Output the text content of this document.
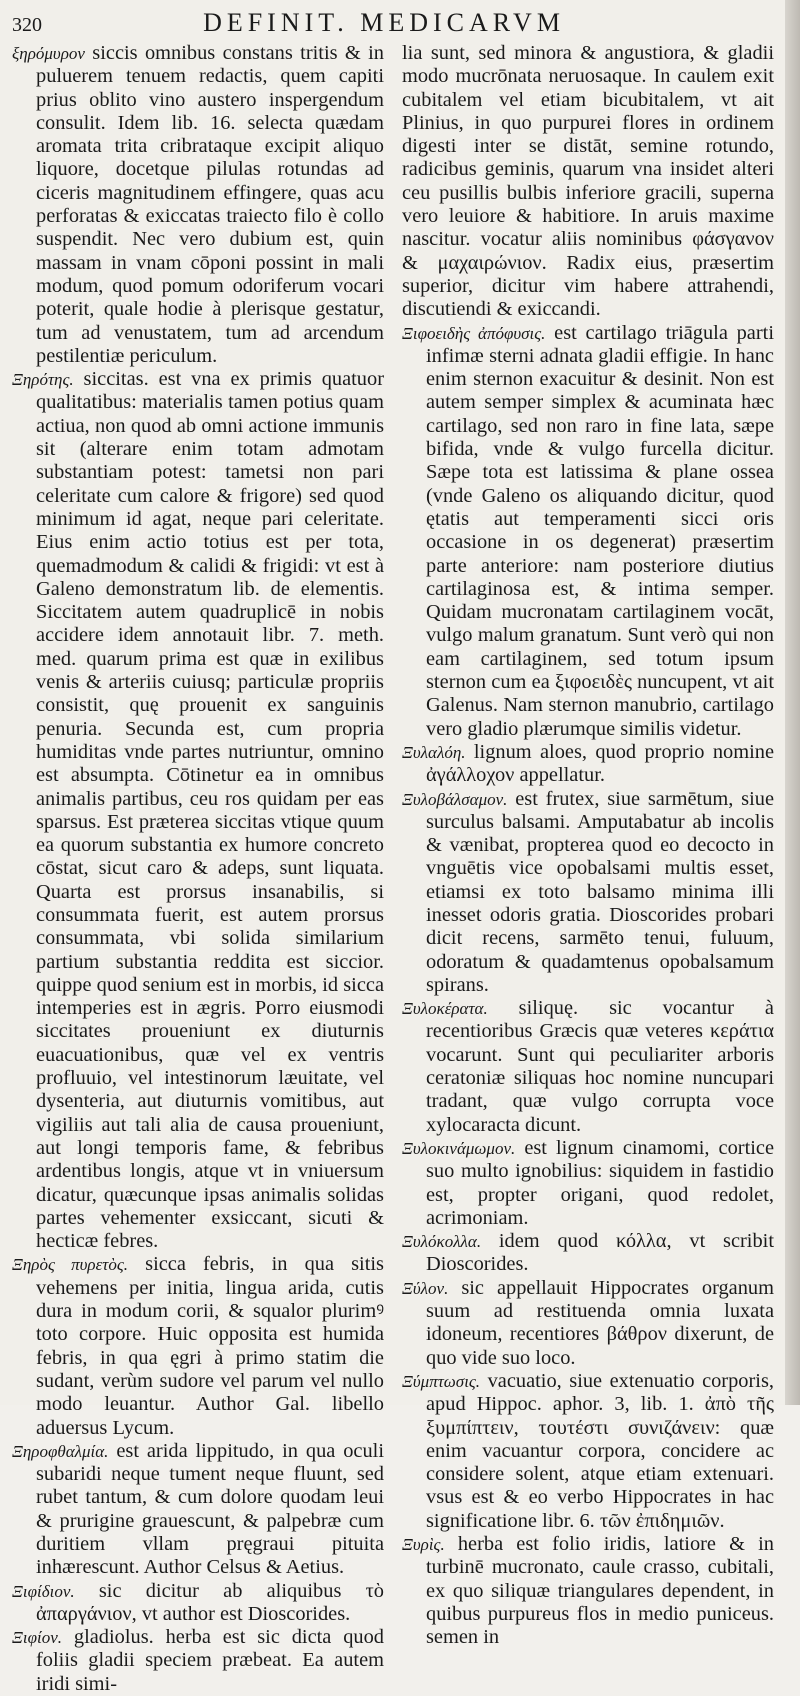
320	DEFINIT. MEDICARVM

ξηρόμυρον siccis omnibus constans tritis & in puluerem tenuem redactis, quem capiti prius oblito vino austero inspergendum consulit. Idem lib. 16. selecta quædam aromata trita cribrataque excipit aliquo liquore, docetque pilulas rotundas ad ciceris magnitudinem effingere, quas acu perforatas & exiccatas traiecto filo è collo suspendit. Nec vero dubium est, quin massam in vnam cōponi possint in mali modum, quod pomum odoriferum vocari poterit, quale hodie à plerisque gestatur, tum ad venustatem, tum ad arcendum pestilentiæ periculum.

Ξηρότης. siccitas. est vna ex primis quatuor qualitatibus: materialis tamen potius quam actiua, non quod ab omni actione immunis sit (alterare enim totam admotam substantiam potest: tametsi non pari celeritate cum calore & frigore) sed quod minimum id agat, neque pari celeritate. Eius enim actio totius est per tota, quemadmodum & calidi & frigidi: vt est à Galeno demonstratum lib. de elementis. Siccitatem autem quadruplicē in nobis accidere idem annotauit libr. 7. meth. med. quarum prima est quæ in exilibus venis & arteriis cuiusq; particulæ propriis consistit, quę prouenit ex sanguinis penuria. Secunda est, cum propria humiditas vnde partes nutriuntur, omnino est absumpta. Cōtinetur ea in omnibus animalis partibus, ceu ros quidam per eas sparsus. Est præterea siccitas vtique quum ea quorum substantia ex humore concreto cōstat, sicut caro & adeps, sunt liquata. Quarta est prorsus insanabilis, si consummata fuerit, est autem prorsus consummata, vbi solida similarium partium substantia reddita est siccior. quippe quod senium est in morbis, id sicca intemperies est in ægris. Porro eiusmodi siccitates proueniunt ex diuturnis euacuationibus, quæ vel ex ventris profluuio, vel intestinorum læuitate, vel dysenteria, aut diuturnis vomitibus, aut vigiliis aut tali alia de causa proueniunt, aut longi temporis fame, & febribus ardentibus longis, atque vt in vniuersum dicatur, quæcunque ipsas animalis solidas partes vehementer exsiccant, sicuti & hecticæ febres.

Ξηρὸς πυρετὸς. sicca febris, in qua sitis vehemens per initia, lingua arida, cutis dura in modum corii, & squalor plurimꝰ toto corpore. Huic opposita est humida febris, in qua ęgri à primo statim die sudant, verùm sudore vel parum vel nullo modo leuantur. Author Gal. libello aduersus Lycum.

Ξηροφθαλμία. est arida lippitudo, in qua oculi subaridi neque tument neque fluunt, sed rubet tantum, & cum dolore quodam leui & prurigine grauescunt, & palpebræ cum duritiem vllam pręgraui pituita inhærescunt. Author Celsus & Aetius.

Ξιφίδιον. sic dicitur ab aliquibus τὸ ἀπαργάνιον, vt author est Dioscorides.

Ξιφίον. gladiolus. herba est sic dicta quod foliis gladii speciem præbeat. Ea autem iridi simi-

lia sunt, sed minora & angustiora, & gladii modo mucrōnata neruosaque. In caulem exit cubitalem vel etiam bicubitalem, vt ait Plinius, in quo purpurei flores in ordinem digesti inter se distāt, semine rotundo, radicibus geminis, quarum vna insidet alteri ceu pusillis bulbis inferiore gracili, superna vero leuiore & habitiore. In aruis maxime nascitur. vocatur aliis nominibus φάσγανον & μαχαιρώνιον. Radix eius, præsertim superior, dicitur vim habere attrahendi, discutiendi & exiccandi.

Ξιφοειδὴς ἀπόφυσις. est cartilago triāgula parti infimæ sterni adnata gladii effigie. In hanc enim sternon exacuitur & desinit. Non est autem semper simplex & acuminata hæc cartilago, sed non raro in fine lata, sæpe bifida, vnde & vulgo furcella dicitur. Sæpe tota est latissima & plane ossea (vnde Galeno os aliquando dicitur, quod ętatis aut temperamenti sicci oris occasione in os degenerat) præsertim parte anteriore: nam posteriore diutius cartilaginosa est, & intima semper. Quidam mucronatam cartilaginem vocāt, vulgo malum granatum. Sunt verò qui non eam cartilaginem, sed totum ipsum sternon cum ea ξιφοειδὲς nuncupent, vt ait Galenus. Nam sternon manubrio, cartilago vero gladio plærumque similis videtur.

Ξυλαλόη. lignum aloes, quod proprio nomine ἀγάλλοχον appellatur.

Ξυλοβάλσαμον. est frutex, siue sarmētum, siue surculus balsami. Amputabatur ab incolis & vænibat, propterea quod eo decocto in vnguētis vice opobalsami multis esset, etiamsi ex toto balsamo minima illi inesset odoris gratia. Dioscorides probari dicit recens, sarmēto tenui, fuluum, odoratum & quadamtenus opobalsamum spirans.

Ξυλοκέρατα. siliquę. sic vocantur à recentioribus Græcis quæ veteres κεράτια vocarunt. Sunt qui peculiariter arboris ceratoniæ siliquas hoc nomine nuncupari tradant, quæ vulgo corrupta voce xylocaracta dicunt.

Ξυλοκινάμωμον. est lignum cinamomi, cortice suo multo ignobilius: siquidem in fastidio est, propter origani, quod redolet, acrimoniam.

Ξυλόκολλα. idem quod κόλλα, vt scribit Dioscorides.

Ξύλον. sic appellauit Hippocrates organum suum ad restituenda omnia luxata idoneum, recentiores βάθρον dixerunt, de quo vide suo loco.

Ξύμπτωσις. vacuatio, siue extenuatio corporis, apud Hippoc. aphor. 3, lib. 1. ἀπὸ τῆς ξυμπίπτειν, τουτέστι συνιζάνειν: quæ enim vacuantur corpora, concidere ac considere solent, atque etiam extenuari. vsus est & eo verbo Hippocrates in hac significatione libr. 6. τῶν ἐπιδημιῶν.

Ξυρὶς. herba est folio iridis, latiore & in turbinē mucronato, caule crasso, cubitali, ex quo siliquæ triangulares dependent, in quibus purpureus flos in medio puniceus. semen in
